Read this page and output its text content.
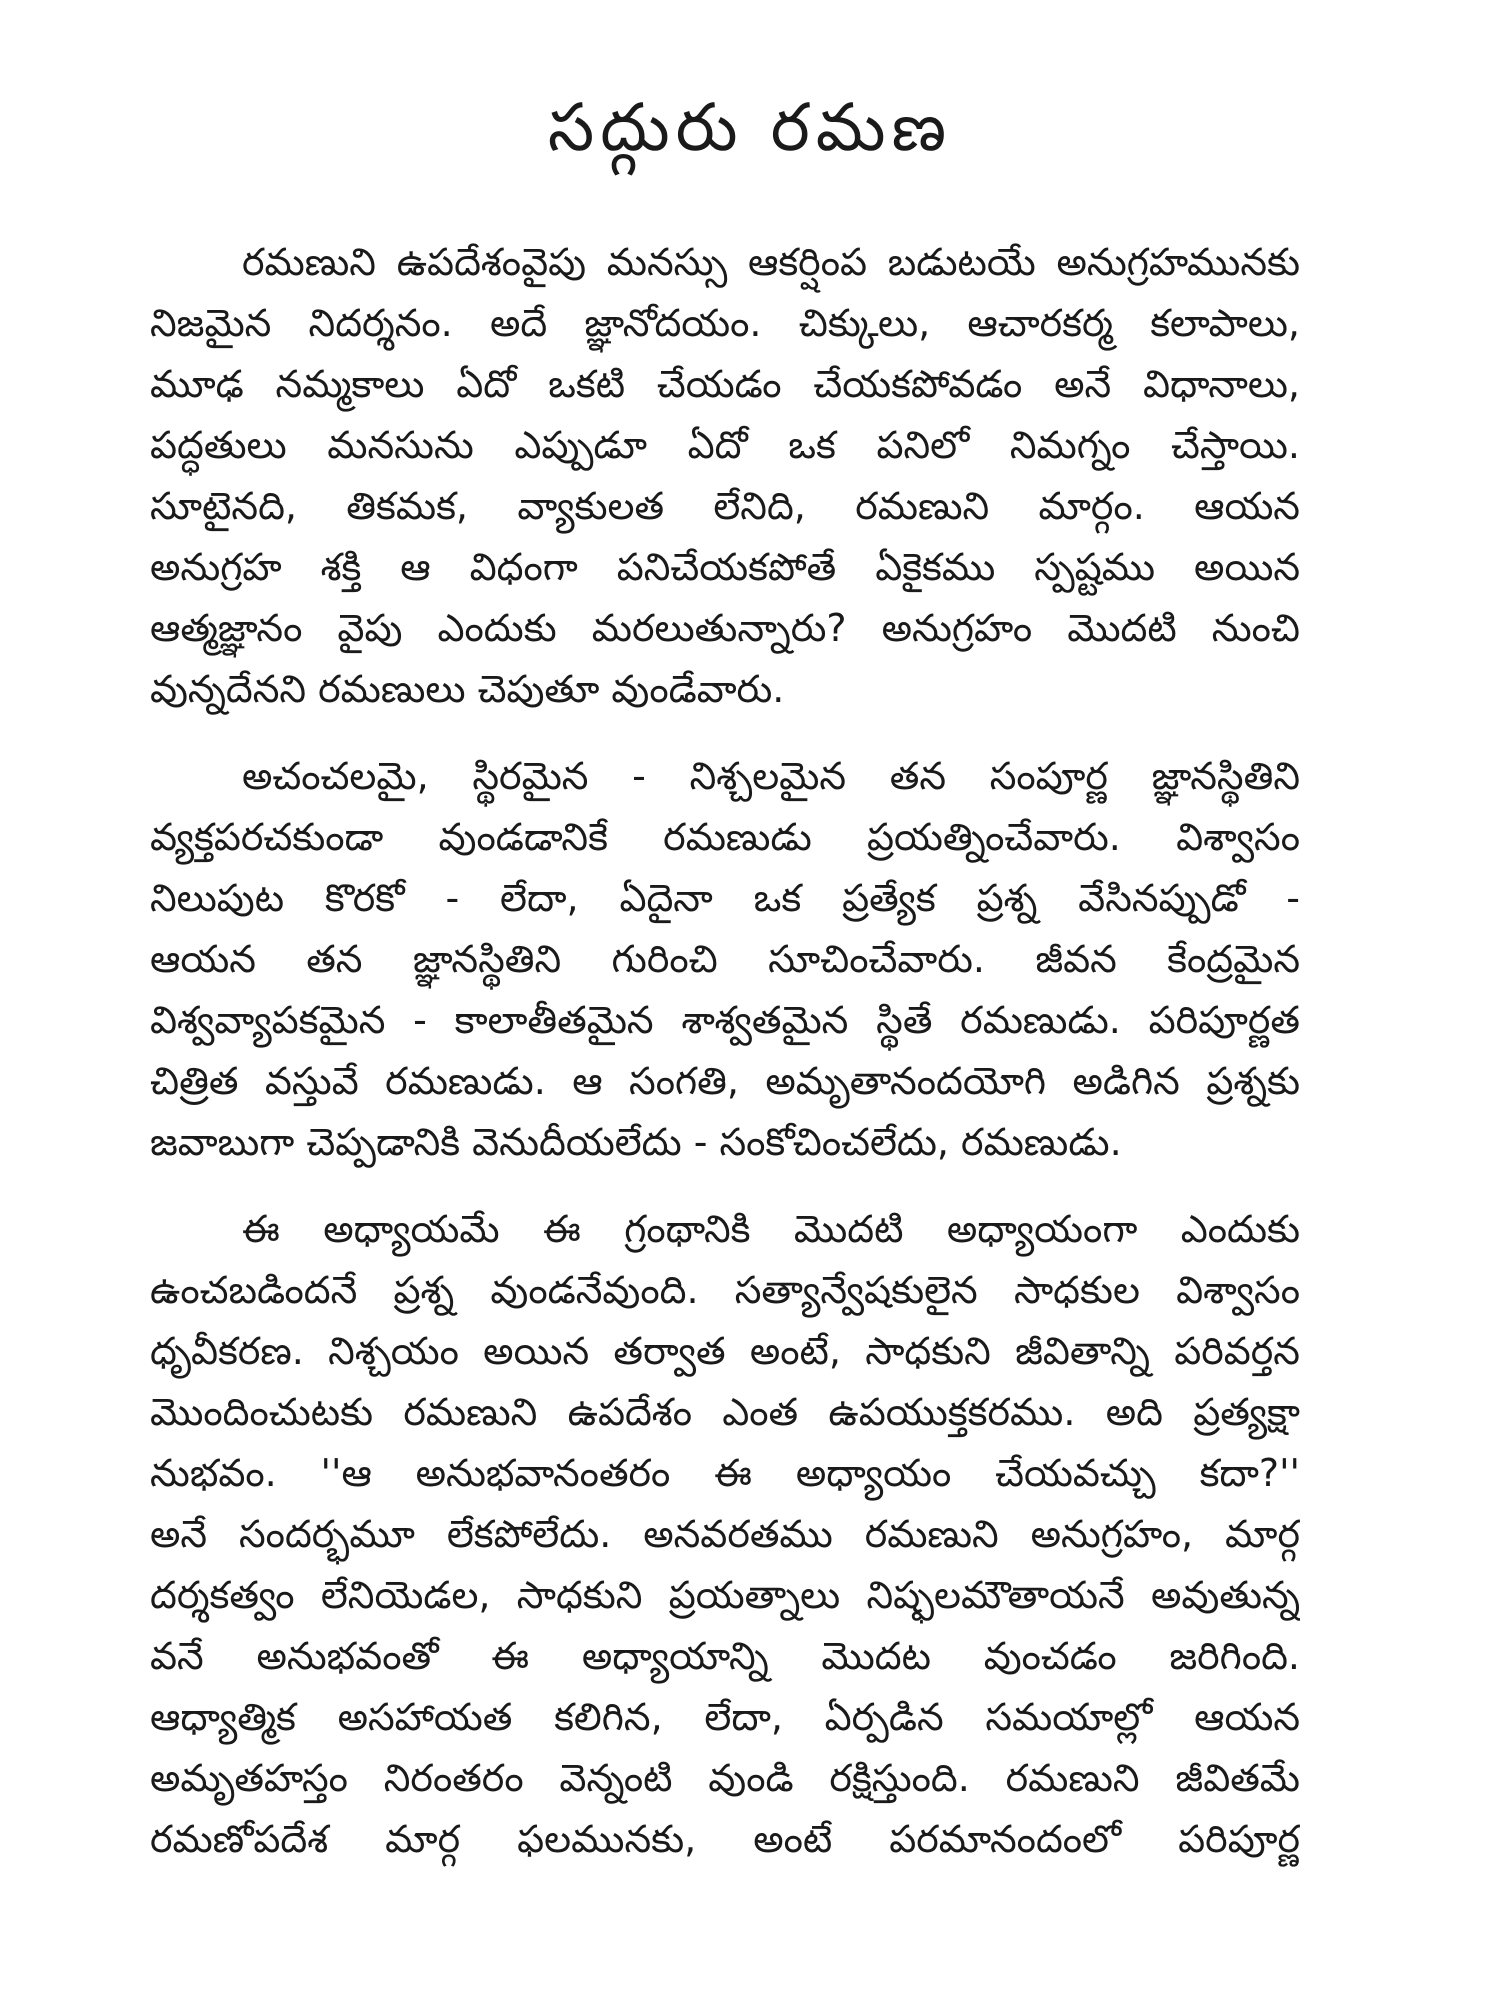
సద్గురు రమణ

రమణుని ఉపదేశంవైపు మనస్సు ఆకర్షింప బడుటయే అనుగ్రహమునకు
నిజమైన నిదర్శనం. అదే జ్ఞానోదయం. చిక్కులు, ఆచారకర్మ కలాపాలు,
మూఢ నమ్మకాలు ఏదో ఒకటి చేయడం చేయకపోవడం అనే విధానాలు,
పద్ధతులు మనసును ఎప్పుడూ ఏదో ఒక పనిలో నిమగ్నం చేస్తాయి.
సూటైనది, తికమక, వ్యాకులత లేనిది, రమణుని మార్గం. ఆయన
అనుగ్రహ శక్తి ఆ విధంగా పనిచేయకపోతే ఏకైకము స్పష్టము అయిన
ఆత్మజ్ఞానం వైపు ఎందుకు మరలుతున్నారు? అనుగ్రహం మొదటి నుంచి
వున్నదేనని రమణులు చెపుతూ వుండేవారు.

అచంచలమై, స్థిరమైన - నిశ్చలమైన తన సంపూర్ణ జ్ఞానస్థితిని
వ్యక్తపరచకుండా వుండడానికే రమణుడు ప్రయత్నించేవారు. విశ్వాసం
నిలుపుట కొరకో - లేదా, ఏదైనా ఒక ప్రత్యేక ప్రశ్న వేసినప్పుడో -
ఆయన తన జ్ఞానస్థితిని గురించి సూచించేవారు. జీవన కేంద్రమైన
విశ్వవ్యాపకమైన - కాలాతీతమైన శాశ్వతమైన స్థితే రమణుడు. పరిపూర్ణత
చిత్రిత వస్తువే రమణుడు. ఆ సంగతి, అమృతానందయోగి అడిగిన ప్రశ్నకు
జవాబుగా చెప్పడానికి వెనుదీయలేదు - సంకోచించలేదు, రమణుడు.

ఈ అధ్యాయమే ఈ గ్రంథానికి మొదటి అధ్యాయంగా ఎందుకు
ఉంచబడిందనే ప్రశ్న వుండనేవుంది. సత్యాన్వేషకులైన సాధకుల విశ్వాసం
ధృవీకరణ. నిశ్చయం అయిన తర్వాత అంటే, సాధకుని జీవితాన్ని పరివర్తన
మొందించుటకు రమణుని ఉపదేశం ఎంత ఉపయుక్తకరము. అది ప్రత్యక్షా
నుభవం. ''ఆ అనుభవానంతరం ఈ అధ్యాయం చేయవచ్చు కదా?''
అనే సందర్భమూ లేకపోలేదు. అనవరతము రమణుని అనుగ్రహం, మార్గ
దర్శకత్వం లేనియెడల, సాధకుని ప్రయత్నాలు నిష్ఫలమౌతాయనే అవుతున్న
వనే అనుభవంతో ఈ అధ్యాయాన్ని మొదట వుంచడం జరిగింది.
ఆధ్యాత్మిక అసహాయత కలిగిన, లేదా, ఏర్పడిన సమయాల్లో ఆయన
అమృతహస్తం నిరంతరం వెన్నంటి వుండి రక్షిస్తుంది. రమణుని జీవితమే
రమణోపదేశ మార్గ ఫలమునకు, అంటే పరమానందంలో పరిపూర్ణ
